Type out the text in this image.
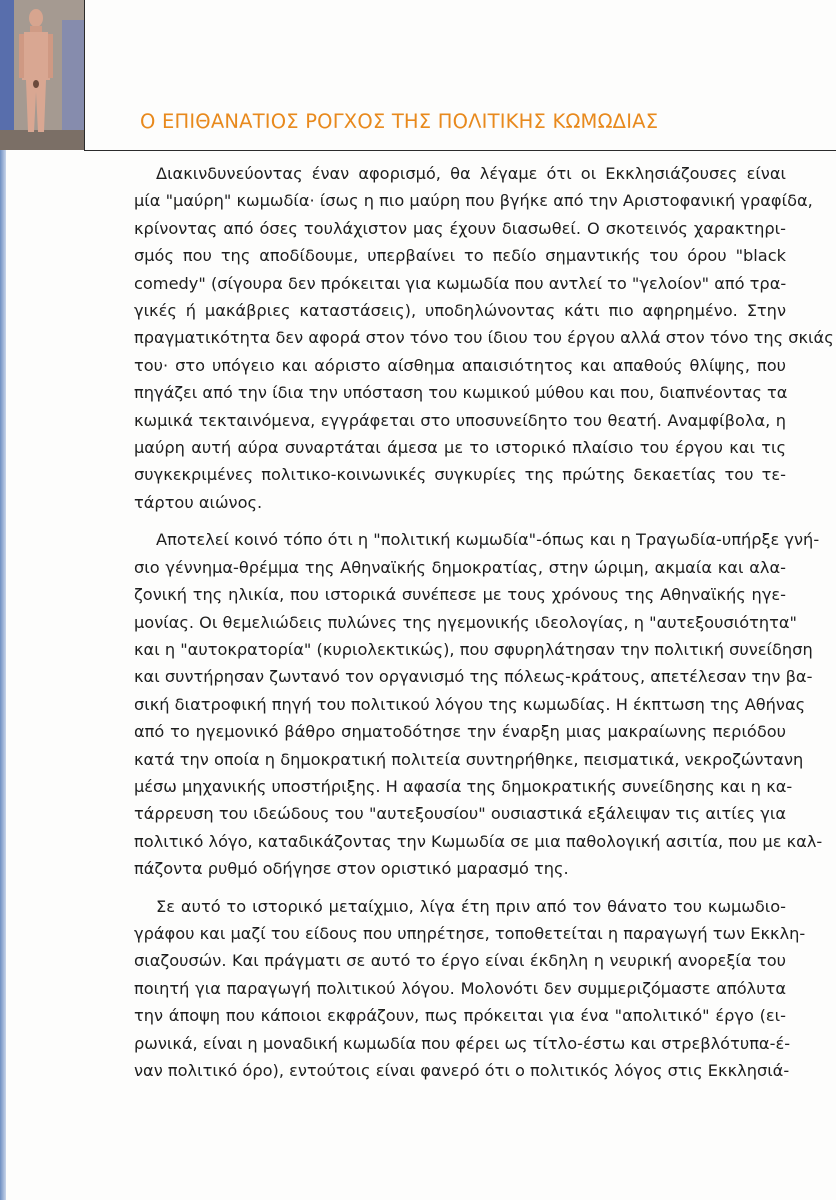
Ο ΕΠΙΘΑΝΑΤΙΟΣ ΡΟΓΧΟΣ ΤΗΣ ΠΟΛΙΤΙΚΗΣ ΚΩΜΩΔΙΑΣ

Διακινδυνεύοντας έναν αφορισμό, θα λέγαμε ότι οι Εκκλησιάζουσες είναι
μία "μαύρη" κωμωδία· ίσως η πιο μαύρη που βγήκε από την Αριστοφανική γραφίδα,
κρίνοντας από όσες τουλάχιστον μας έχουν διασωθεί. Ο σκοτεινός χαρακτηρι-
σμός που της αποδίδουμε, υπερβαίνει το πεδίο σημαντικής του όρου "black
comedy" (σίγουρα δεν πρόκειται για κωμωδία που αντλεί το "γελοίον" από τρα-
γικές ή μακάβριες καταστάσεις), υποδηλώνοντας κάτι πιο αφηρημένο. Στην
πραγματικότητα δεν αφορά στον τόνο του ίδιου του έργου αλλά στον τόνο της σκιάς
του· στο υπόγειο και αόριστο αίσθημα απαισιότητος και απαθούς θλίψης, που
πηγάζει από την ίδια την υπόσταση του κωμικού μύθου και που, διαπνέοντας τα
κωμικά τεκταινόμενα, εγγράφεται στο υποσυνείδητο του θεατή. Αναμφίβολα, η
μαύρη αυτή αύρα συναρτάται άμεσα με το ιστορικό πλαίσιο του έργου και τις
συγκεκριμένες πολιτικο-κοινωνικές συγκυρίες της πρώτης δεκαετίας του τε-
τάρτου αιώνος.

Αποτελεί κοινό τόπο ότι η "πολιτική κωμωδία"-όπως και η Τραγωδία-υπήρξε γνή-
σιο γέννημα-θρέμμα της Αθηναϊκής δημοκρατίας, στην ώριμη, ακμαία και αλα-
ζονική της ηλικία, που ιστορικά συνέπεσε με τους χρόνους της Αθηναϊκής ηγε-
μονίας. Οι θεμελιώδεις πυλώνες της ηγεμονικής ιδεολογίας, η "αυτεξουσιότητα"
και η "αυτοκρατορία" (κυριολεκτικώς), που σφυρηλάτησαν την πολιτική συνείδηση
και συντήρησαν ζωντανό τον οργανισμό της πόλεως-κράτους, απετέλεσαν την βα-
σική διατροφική πηγή του πολιτικού λόγου της κωμωδίας. Η έκπτωση της Αθήνας
από το ηγεμονικό βάθρο σηματοδότησε την έναρξη μιας μακραίωνης περιόδου
κατά την οποία η δημοκρατική πολιτεία συντηρήθηκε, πεισματικά, νεκροζώντανη
μέσω μηχανικής υποστήριξης. Η αφασία της δημοκρατικής συνείδησης και η κα-
τάρρευση του ιδεώδους του "αυτεξουσίου" ουσιαστικά εξάλειψαν τις αιτίες για
πολιτικό λόγο, καταδικάζοντας την Κωμωδία σε μια παθολογική ασιτία, που με καλ-
πάζοντα ρυθμό οδήγησε στον οριστικό μαρασμό της.

Σε αυτό το ιστορικό μεταίχμιο, λίγα έτη πριν από τον θάνατο του κωμωδιο-
γράφου και μαζί του είδους που υπηρέτησε, τοποθετείται η παραγωγή των Εκκλη-
σιαζουσών. Και πράγματι σε αυτό το έργο είναι έκδηλη η νευρική ανορεξία του
ποιητή για παραγωγή πολιτικού λόγου. Μολονότι δεν συμμεριζόμαστε απόλυτα
την άποψη που κάποιοι εκφράζουν, πως πρόκειται για ένα "απολιτικό" έργο (ει-
ρωνικά, είναι η μοναδική κωμωδία που φέρει ως τίτλο-έστω και στρεβλότυπα-έ-
ναν πολιτικό όρο), εντούτοις είναι φανερό ότι ο πολιτικός λόγος στις Εκκλησιά-
